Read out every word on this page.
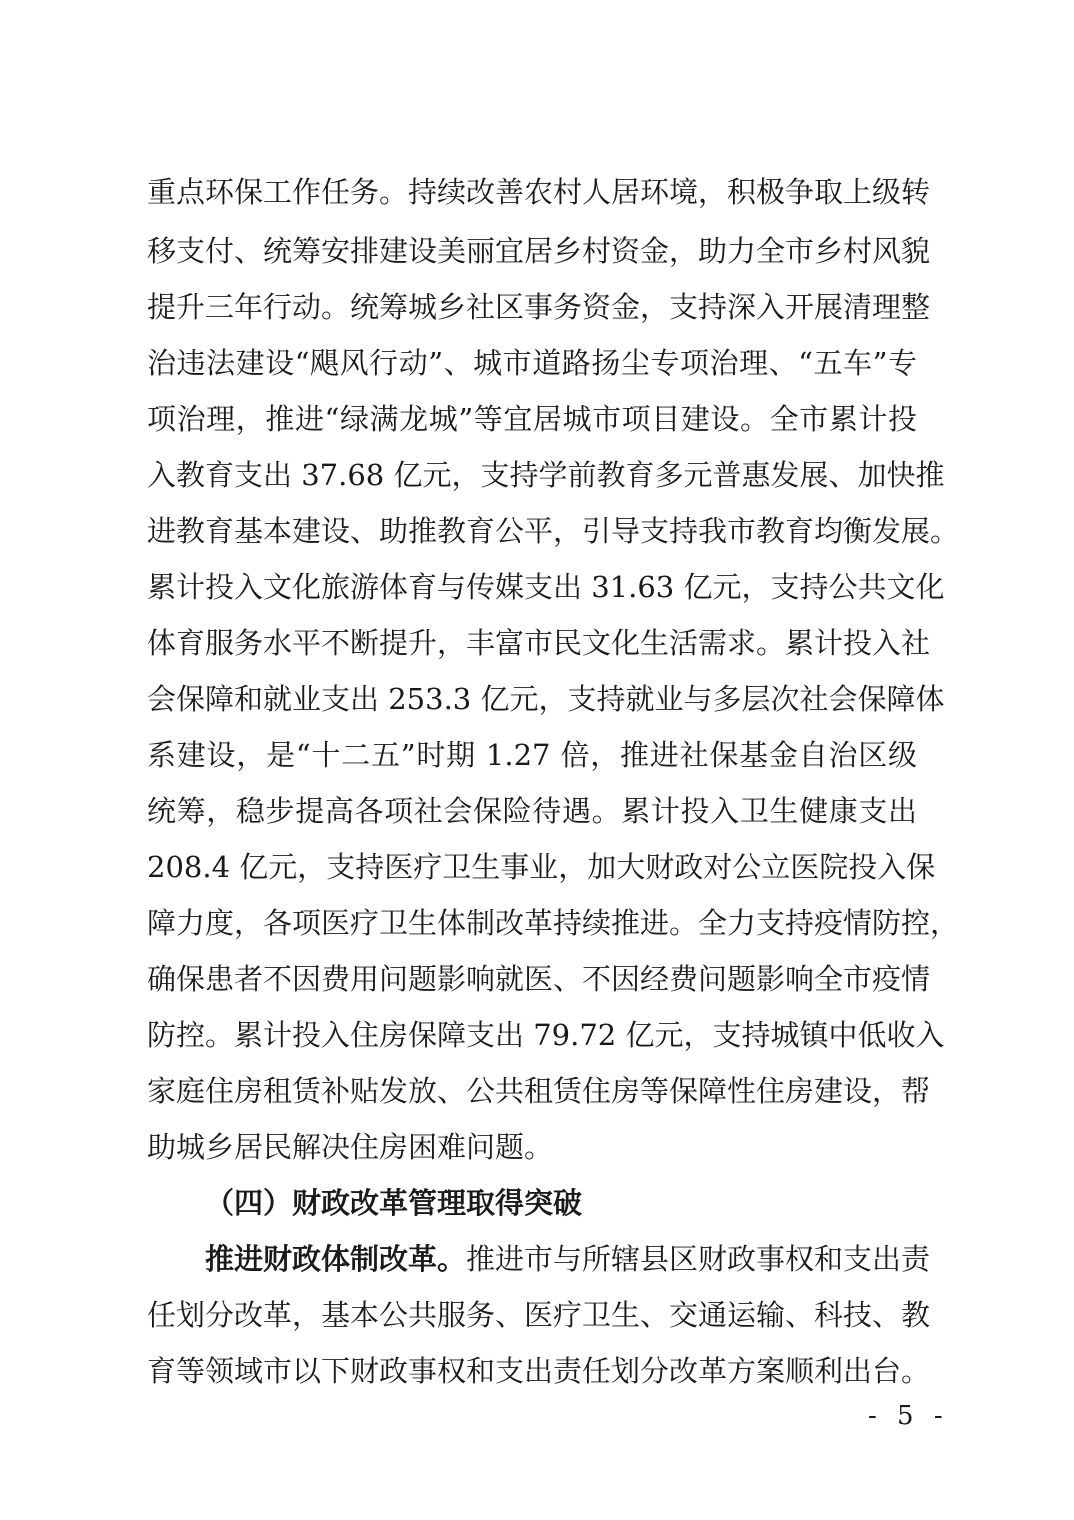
重点环保工作任务。持续改善农村人居环境，积极争取上级转
移支付、统筹安排建设美丽宜居乡村资金，助力全市乡村风貌
提升三年行动。统筹城乡社区事务资金，支持深入开展清理整
治违法建设“飓风行动”、城市道路扬尘专项治理、“五车”专
项治理，推进“绿满龙城”等宜居城市项目建设。全市累计投
入教育支出 37.68 亿元，支持学前教育多元普惠发展、加快推
进教育基本建设、助推教育公平，引导支持我市教育均衡发展。
累计投入文化旅游体育与传媒支出 31.63 亿元，支持公共文化
体育服务水平不断提升，丰富市民文化生活需求。累计投入社
会保障和就业支出 253.3 亿元，支持就业与多层次社会保障体
系建设，是“十二五”时期 1.27 倍，推进社保基金自治区级
统筹，稳步提高各项社会保险待遇。累计投入卫生健康支出
208.4 亿元，支持医疗卫生事业，加大财政对公立医院投入保
障力度，各项医疗卫生体制改革持续推进。全力支持疫情防控，
确保患者不因费用问题影响就医、不因经费问题影响全市疫情
防控。累计投入住房保障支出 79.72 亿元，支持城镇中低收入
家庭住房租赁补贴发放、公共租赁住房等保障性住房建设，帮
助城乡居民解决住房困难问题。
（四）财政改革管理取得突破
推进财政体制改革。推进市与所辖县区财政事权和支出责
任划分改革，基本公共服务、医疗卫生、交通运输、科技、教
育等领域市以下财政事权和支出责任划分改革方案顺利出台。
- 5 -
